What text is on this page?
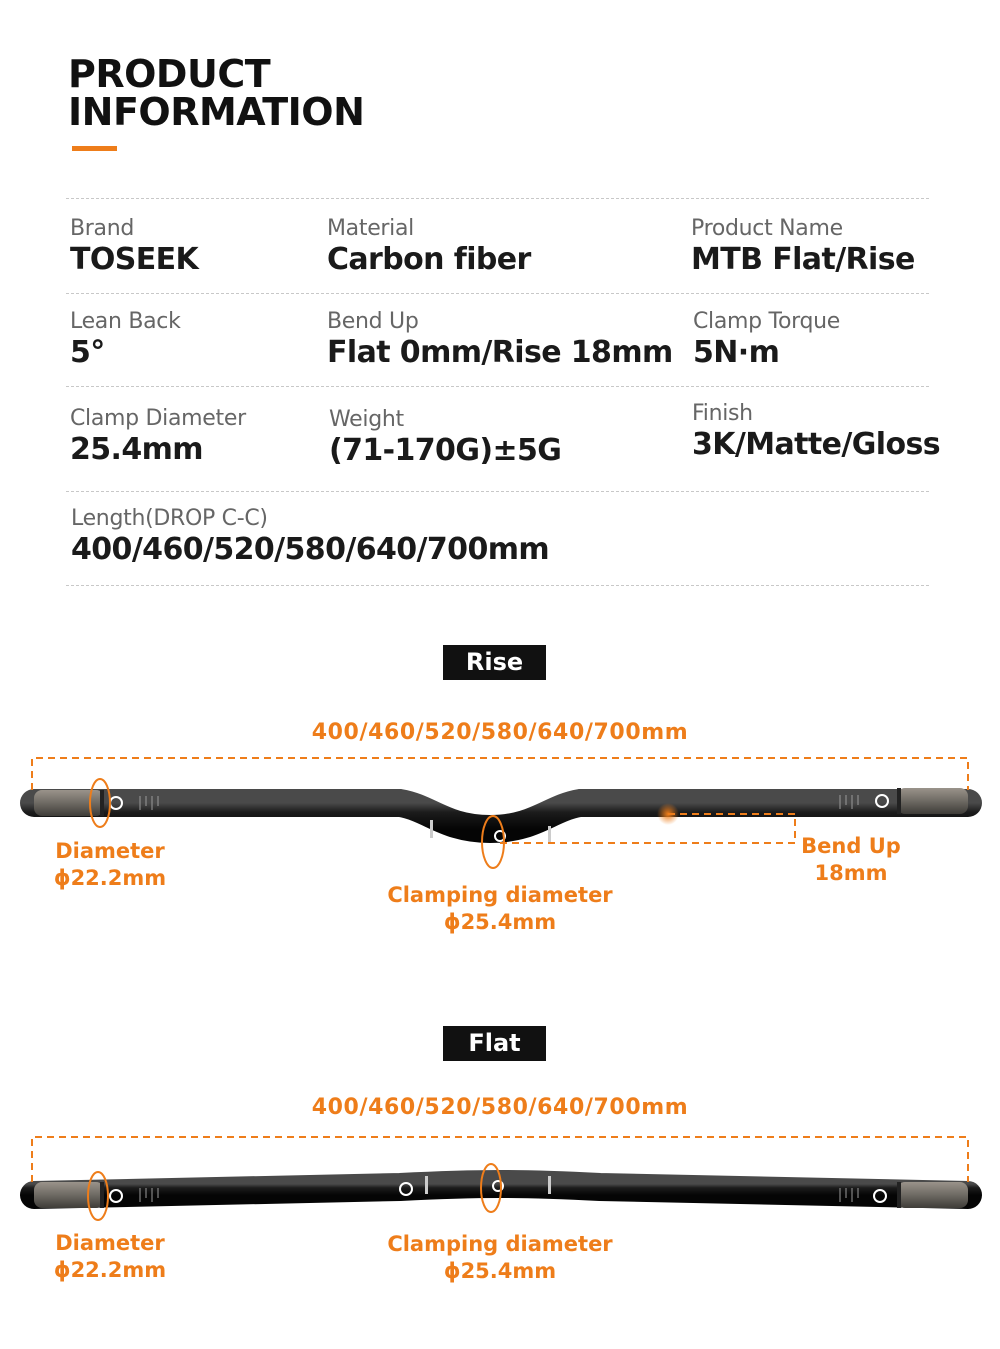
PRODUCT
INFORMATION
Brand
TOSEEK
Material
Carbon fiber
Product Name
MTB Flat/Rise
Lean Back
5°
Bend Up
Flat 0mm/Rise 18mm
Clamp Torque
5N·m
Clamp Diameter
25.4mm
Weight
(71-170G)±5G
Finish
3K/Matte/Gloss
Length(DROP C-C)
400/460/520/580/640/700mm
Rise
400/460/520/580/640/700mm
Diameter
ϕ22.2mm
Clamping diameter
ϕ25.4mm
Bend Up
18mm
Flat
400/460/520/580/640/700mm
Diameter
ϕ22.2mm
Clamping diameter
ϕ25.4mm
